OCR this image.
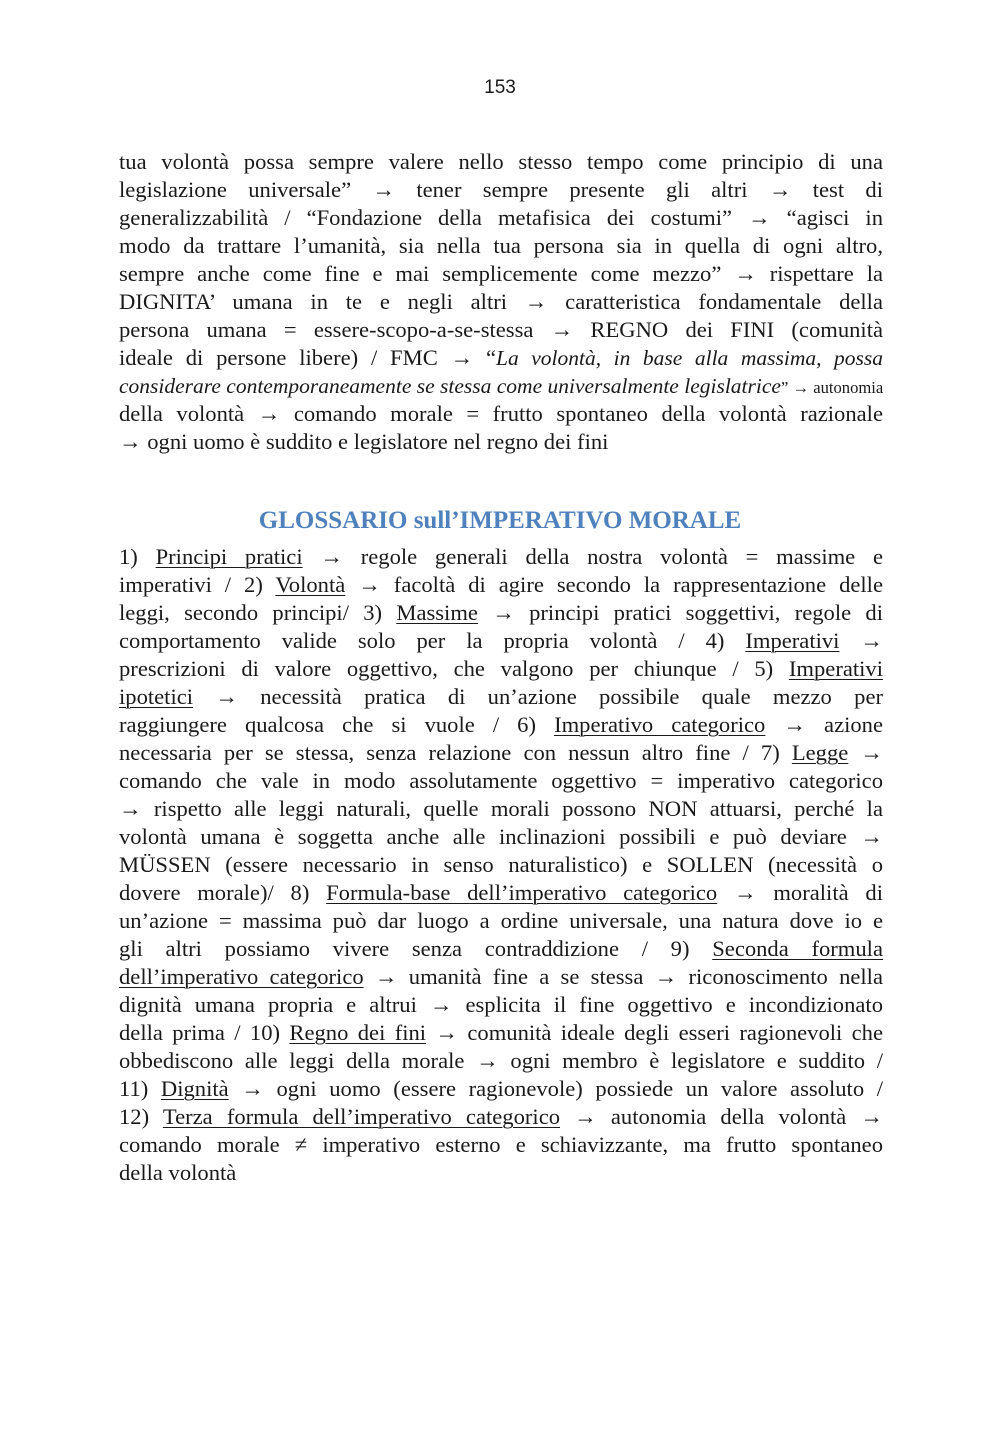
153
tua volontà possa sempre valere nello stesso tempo come principio di una
legislazione universale” → tener sempre presente gli altri → test di
generalizzabilità / “Fondazione della metafisica dei costumi” → “agisci in
modo da trattare l’umanità, sia nella tua persona sia in quella di ogni altro,
sempre anche come fine e mai semplicemente come mezzo” → rispettare la
DIGNITA’ umana in te e negli altri → caratteristica fondamentale della
persona umana = essere-scopo-a-se-stessa → REGNO dei FINI (comunità
ideale di persone libere) / FMC → “La volontà, in base alla massima, possa
considerare contemporaneamente se stessa come universalmente legislatrice” → autonomia
della volontà → comando morale = frutto spontaneo della volontà razionale
→ ogni uomo è suddito e legislatore nel regno dei fini
GLOSSARIO sull’IMPERATIVO MORALE
1) Principi pratici → regole generali della nostra volontà = massime e
imperativi / 2) Volontà → facoltà di agire secondo la rappresentazione delle
leggi, secondo principi/ 3) Massime → principi pratici soggettivi, regole di
comportamento valide solo per la propria volontà / 4) Imperativi →
prescrizioni di valore oggettivo, che valgono per chiunque / 5) Imperativi
ipotetici → necessità pratica di un’azione possibile quale mezzo per
raggiungere qualcosa che si vuole / 6) Imperativo categorico → azione
necessaria per se stessa, senza relazione con nessun altro fine / 7) Legge →
comando che vale in modo assolutamente oggettivo = imperativo categorico
→ rispetto alle leggi naturali, quelle morali possono NON attuarsi, perché la
volontà umana è soggetta anche alle inclinazioni possibili e può deviare →
MÜSSEN (essere necessario in senso naturalistico) e SOLLEN (necessità o
dovere morale)/ 8) Formula-base dell’imperativo categorico → moralità di
un’azione = massima può dar luogo a ordine universale, una natura dove io e
gli altri possiamo vivere senza contraddizione / 9) Seconda formula
dell’imperativo categorico → umanità fine a se stessa → riconoscimento nella
dignità umana propria e altrui → esplicita il fine oggettivo e incondizionato
della prima / 10) Regno dei fini → comunità ideale degli esseri ragionevoli che
obbediscono alle leggi della morale → ogni membro è legislatore e suddito /
11) Dignità → ogni uomo (essere ragionevole) possiede un valore assoluto /
12) Terza formula dell’imperativo categorico → autonomia della volontà →
comando morale ≠ imperativo esterno e schiavizzante, ma frutto spontaneo
della volontà
